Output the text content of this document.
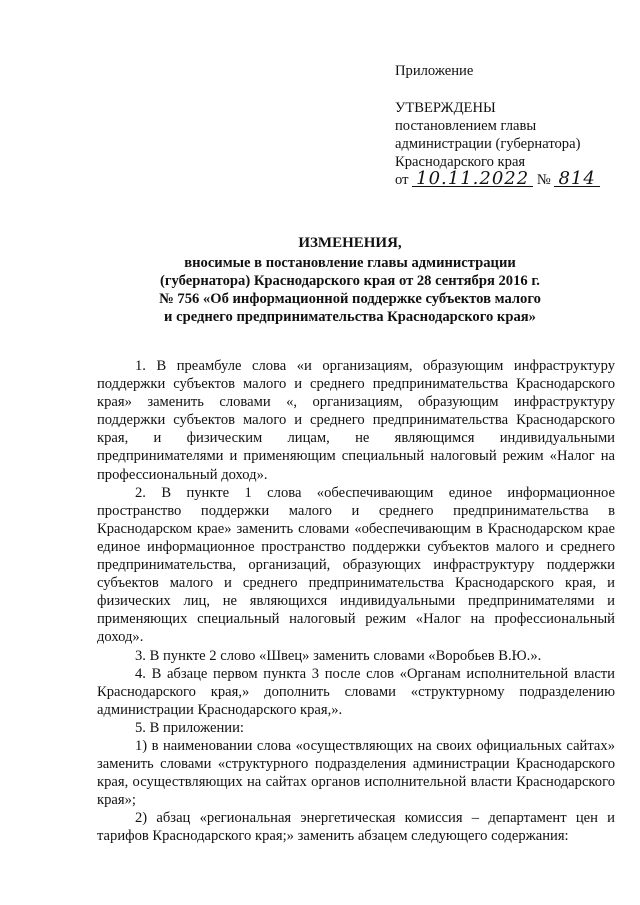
Приложение
УТВЕРЖДЕНЫ
постановлением главы
администрации (губернатора)
Краснодарского края
от 10.11.2022 № 814
ИЗМЕНЕНИЯ,
вносимые в постановление главы администрации
(губернатора) Краснодарского края от 28 сентября 2016 г.
№ 756 «Об информационной поддержке субъектов малого
и среднего предпринимательства Краснодарского края»

1. В преамбуле слова «и организациям, образующим инфраструктуру поддержки субъектов малого и среднего предпринимательства Краснодарского края» заменить словами «, организациям, образующим инфраструктуру поддержки субъектов малого и среднего предпринимательства Краснодарского края, и физическим лицам, не являющимся индивидуальными предпринимателями и применяющим специальный налоговый режим «Налог на профессиональный доход».

2. В пункте 1 слова «обеспечивающим единое информационное пространство поддержки малого и среднего предпринимательства в Краснодарском крае» заменить словами «обеспечивающим в Краснодарском крае единое информационное пространство поддержки субъектов малого и среднего предпринимательства, организаций, образующих инфраструктуру поддержки субъектов малого и среднего предпринимательства Краснодарского края, и физических лиц, не являющихся индивидуальными предпринимателями и применяющих специальный налоговый режим «Налог на профессиональный доход».

3. В пункте 2 слово «Швец» заменить словами «Воробьев В.Ю.».

4. В абзаце первом пункта 3 после слов «Органам исполнительной власти Краснодарского края,» дополнить словами «структурному подразделению администрации Краснодарского края,».

5. В приложении:

1) в наименовании слова «осуществляющих на своих официальных сайтах» заменить словами «структурного подразделения администрации Краснодарского края, осуществляющих на сайтах органов исполнительной власти Краснодарского края»;

2) абзац «региональная энергетическая комиссия – департамент цен и тарифов Краснодарского края;» заменить абзацем следующего содержания:
